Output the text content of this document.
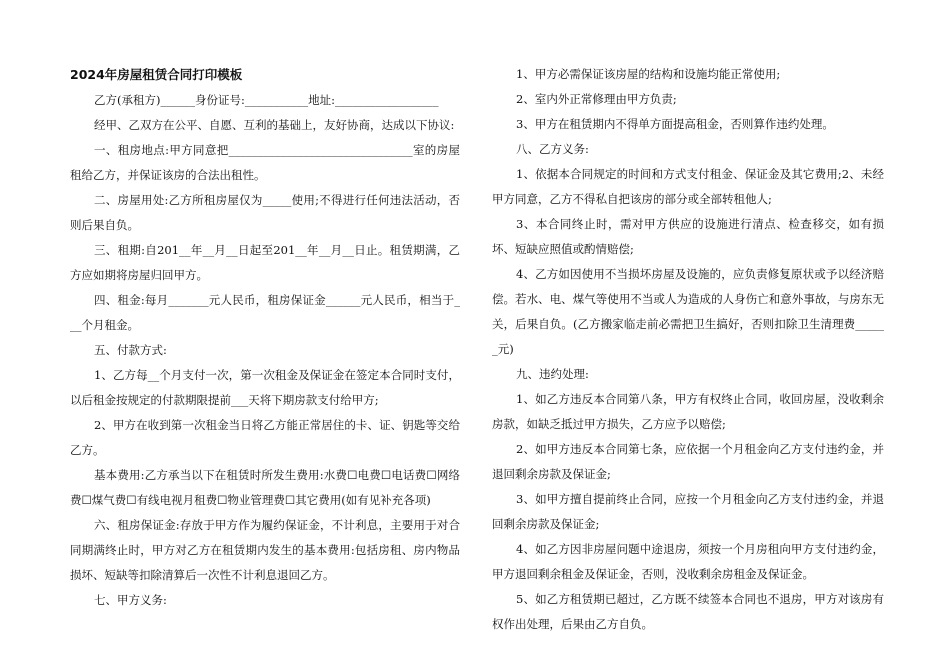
2024年房屋租赁合同打印模板

乙方(承租方)______身份证号:___________地址:__________________

经甲、乙双方在公平、自愿、互利的基础上，友好协商，达成以下协议:

一、租房地点:甲方同意把________________________________室的房屋租给乙方，并保证该房的合法出租性。

二、房屋用处:乙方所租房屋仅为_____使用;不得进行任何违法活动，否则后果自负。

三、租期:自201__年__月__日起至201__年__月__日止。租赁期满，乙方应如期将房屋归回甲方。

四、租金:每月_______元人民币，租房保证金______元人民币，相当于___个月租金。

五、付款方式:

1、乙方每__个月支付一次，第一次租金及保证金在签定本合同时支付，以后租金按规定的付款期限提前___天将下期房款支付给甲方;

2、甲方在收到第一次租金当日将乙方能正常居住的卡、证、钥匙等交给乙方。

基本费用:乙方承当以下在租赁时所发生费用:水费☐电费☐电话费☐网络费☐煤气费☐有线电视月租费☐物业管理费☐其它费用(如有见补充各项)

六、租房保证金:存放于甲方作为履约保证金，不计利息，主要用于对合同期满终止时，甲方对乙方在租赁期内发生的基本费用:包括房租、房内物品损坏、短缺等扣除清算后一次性不计利息退回乙方。

七、甲方义务:

1、甲方必需保证该房屋的结构和设施均能正常使用;

2、室内外正常修理由甲方负责;

3、甲方在租赁期内不得单方面提高租金，否则算作违约处理。

八、乙方义务:

1、依据本合同规定的时间和方式支付租金、保证金及其它费用;2、未经甲方同意，乙方不得私自把该房的部分或全部转租他人;

3、本合同终止时，需对甲方供应的设施进行清点、检查移交，如有损坏、短缺应照值或酌情赔偿;

4、乙方如因使用不当损坏房屋及设施的，应负责修复原状或予以经济赔偿。若水、电、煤气等使用不当或人为造成的人身伤亡和意外事故，与房东无关，后果自负。(乙方搬家临走前必需把卫生搞好，否则扣除卫生清理费______元)

九、违约处理:

1、如乙方违反本合同第八条，甲方有权终止合同，收回房屋，没收剩余房款，如缺乏抵过甲方损失，乙方应予以赔偿;

2、如甲方违反本合同第七条，应依据一个月租金向乙方支付违约金，并退回剩余房款及保证金;

3、如甲方擅自提前终止合同，应按一个月租金向乙方支付违约金，并退回剩余房款及保证金;

4、如乙方因非房屋问题中途退房，须按一个月房租向甲方支付违约金，甲方退回剩余租金及保证金，否则，没收剩余房租金及保证金。

5、如乙方租赁期已超过，乙方既不续签本合同也不退房，甲方对该房有权作出处理，后果由乙方自负。
